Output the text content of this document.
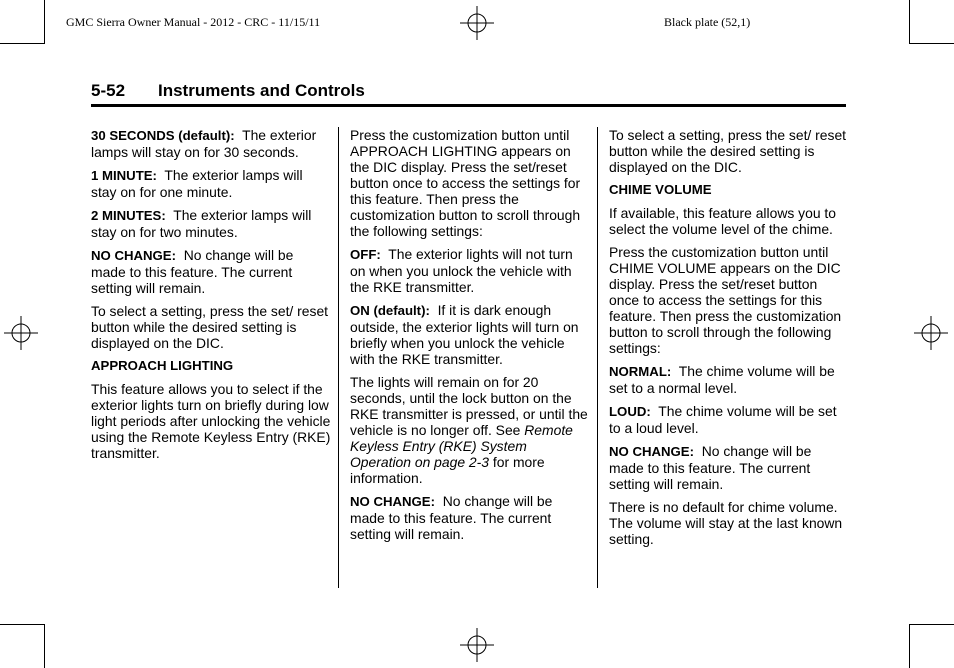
GMC Sierra Owner Manual - 2012 - CRC - 11/15/11	Black plate (52,1)
5-52 Instruments and Controls

30 SECONDS (default): The exterior lamps will stay on for 30 seconds.

1 MINUTE: The exterior lamps will stay on for one minute.

2 MINUTES: The exterior lamps will stay on for two minutes.

NO CHANGE: No change will be made to this feature. The current setting will remain.

To select a setting, press the set/ reset button while the desired setting is displayed on the DIC.

APPROACH LIGHTING

This feature allows you to select if the exterior lights turn on briefly during low light periods after unlocking the vehicle using the Remote Keyless Entry (RKE) transmitter.

Press the customization button until APPROACH LIGHTING appears on the DIC display. Press the set/reset button once to access the settings for this feature. Then press the customization button to scroll through the following settings:

OFF: The exterior lights will not turn on when you unlock the vehicle with the RKE transmitter.

ON (default): If it is dark enough outside, the exterior lights will turn on briefly when you unlock the vehicle with the RKE transmitter.

The lights will remain on for 20 seconds, until the lock button on the RKE transmitter is pressed, or until the vehicle is no longer off. See Remote Keyless Entry (RKE) System Operation on page 2-3 for more information.

NO CHANGE: No change will be made to this feature. The current setting will remain.

To select a setting, press the set/ reset button while the desired setting is displayed on the DIC.

CHIME VOLUME

If available, this feature allows you to select the volume level of the chime.

Press the customization button until CHIME VOLUME appears on the DIC display. Press the set/reset button once to access the settings for this feature. Then press the customization button to scroll through the following settings:

NORMAL: The chime volume will be set to a normal level.

LOUD: The chime volume will be set to a loud level.

NO CHANGE: No change will be made to this feature. The current setting will remain.

There is no default for chime volume. The volume will stay at the last known setting.
